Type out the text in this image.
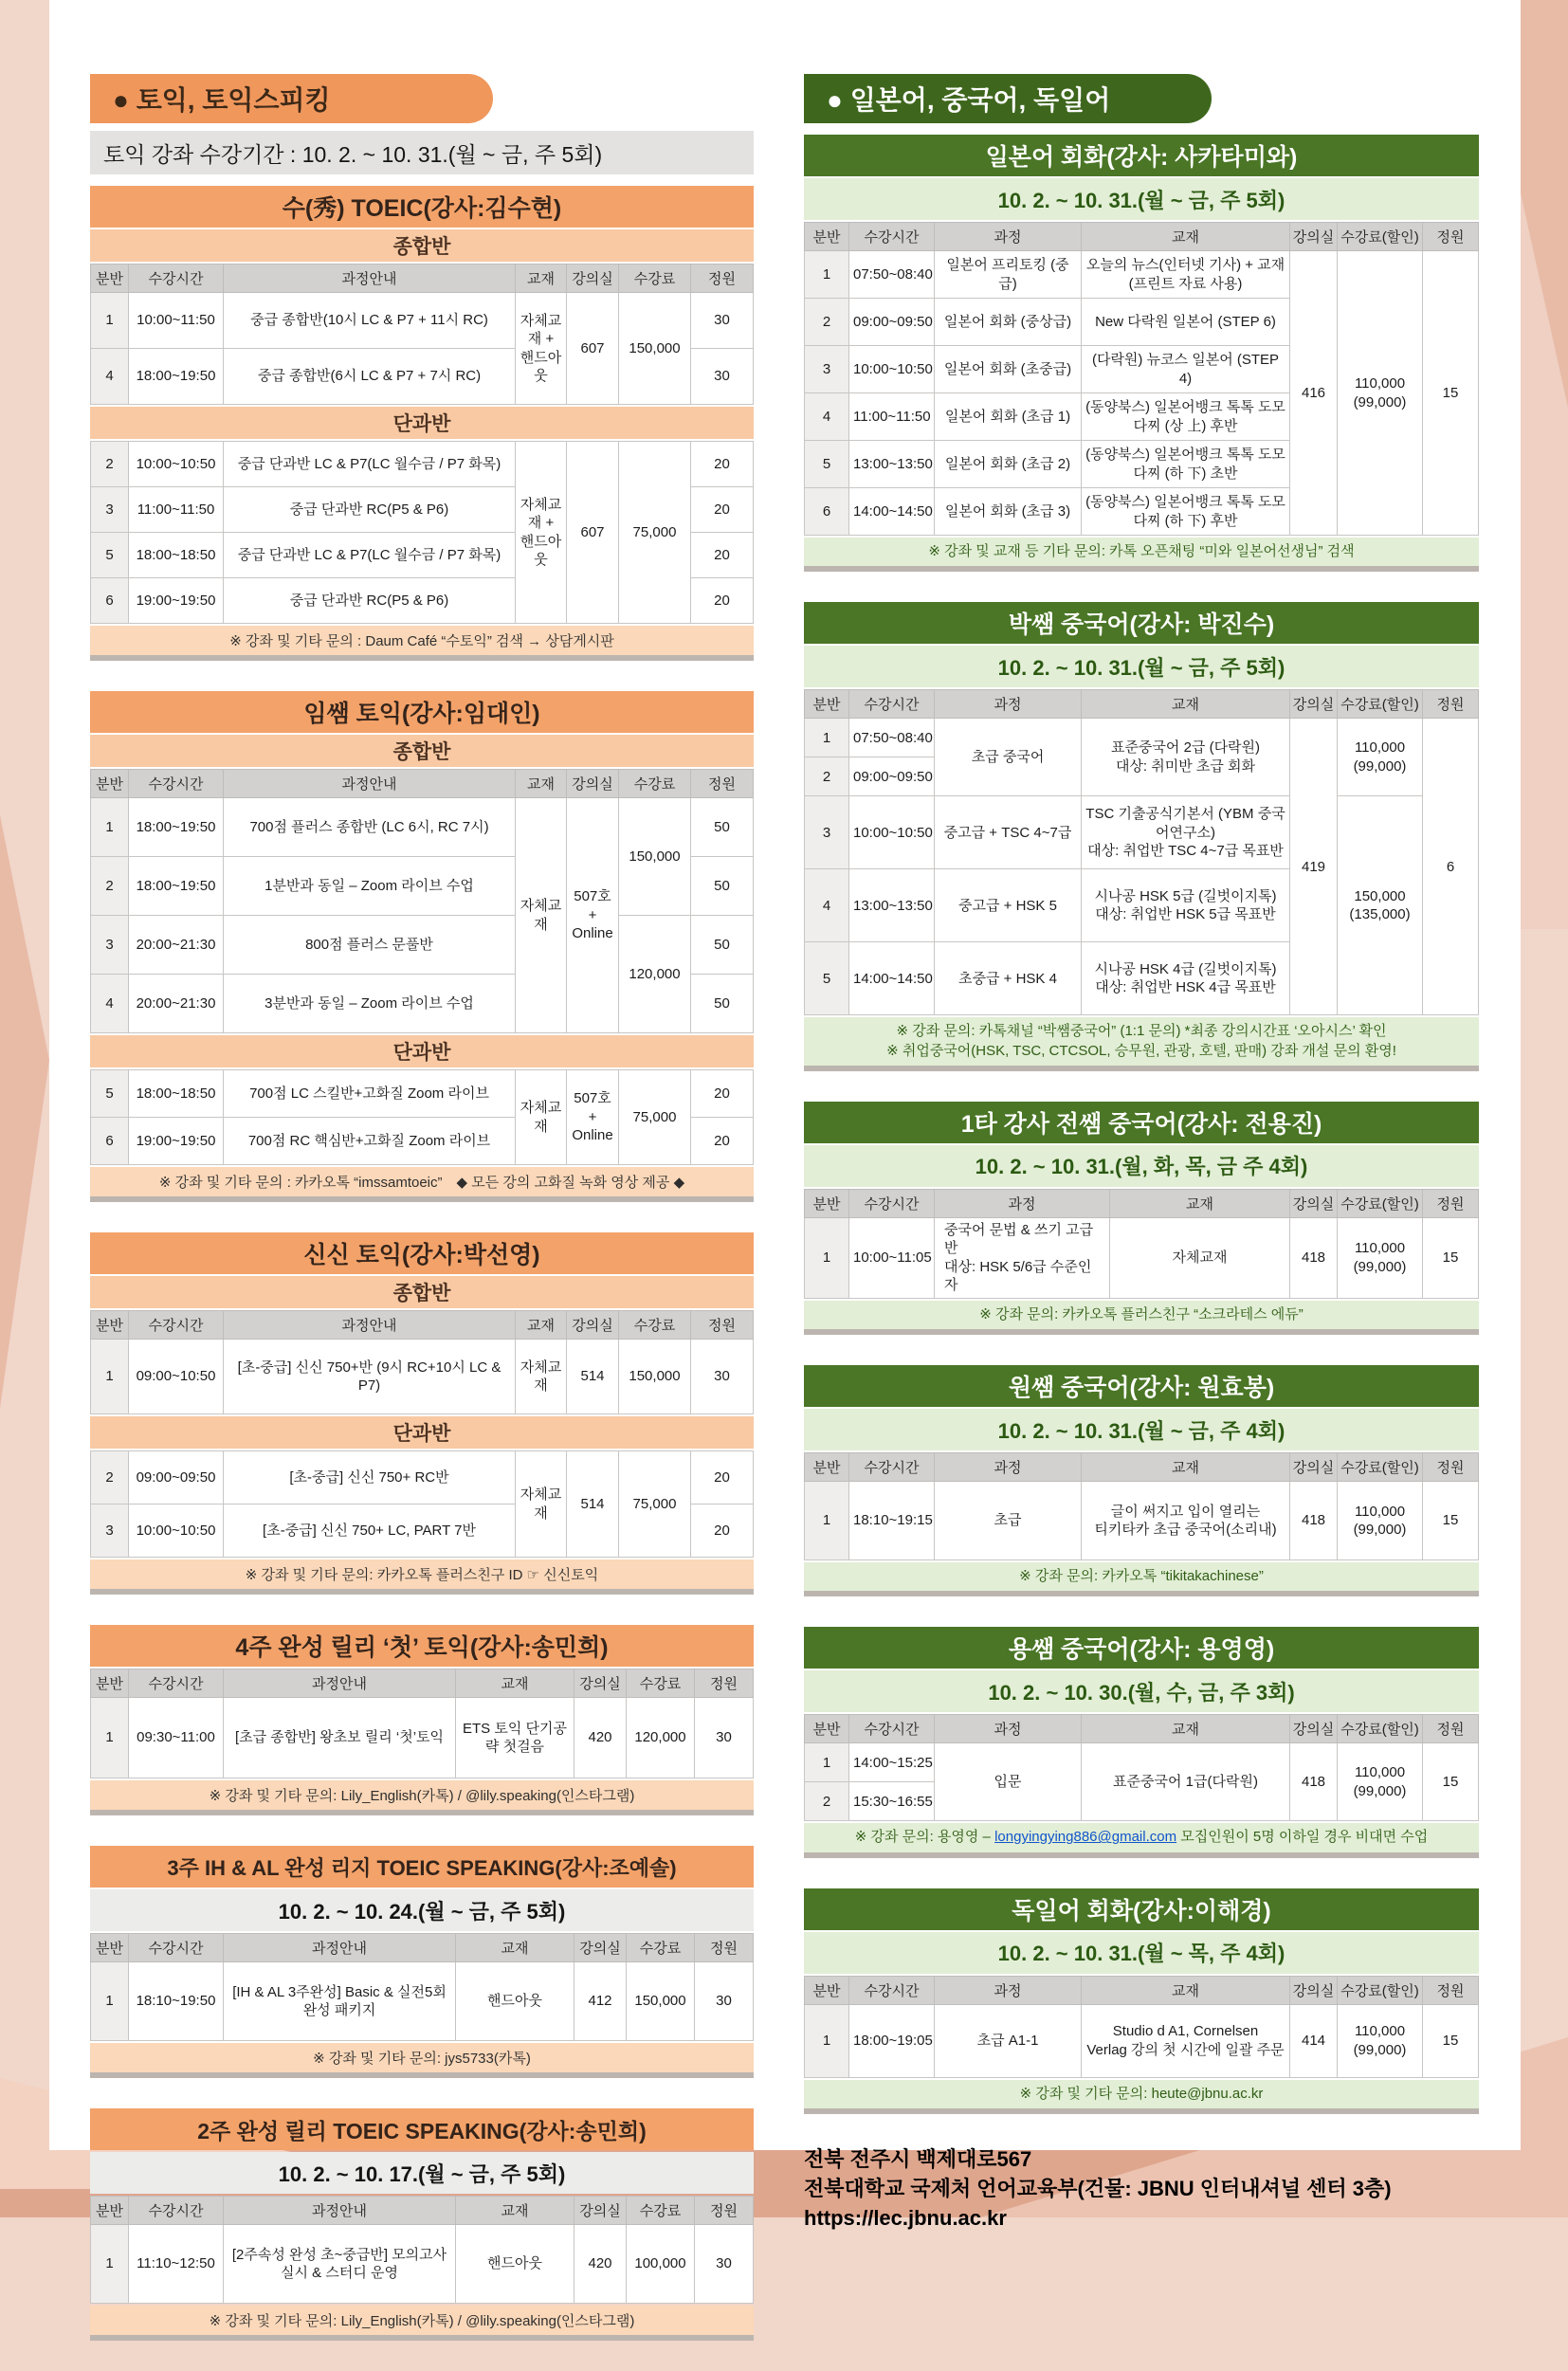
● 토익, 토익스피킹
토익 강좌 수강기간 : 10. 2. ~ 10. 31.(월 ~ 금, 주 5회)
수(秀) TOEIC(강사:김수현)
종합반
분반	수강시간	과정안내	교재	강의실	수강료	정원
1	10:00~11:50	중급 종합반(10시 LC & P7 + 11시 RC)	자체교재 + 핸드아웃	607	150,000	30
4	18:00~19:50	중급 종합반(6시 LC & P7 + 7시 RC)				30
단과반
2	10:00~10:50	중급 단과반 LC & P7(LC 월수금 / P7 화목)	자체교재 + 핸드아웃	607	75,000	20
3	11:00~11:50	중급 단과반 RC(P5 & P6)				20
5	18:00~18:50	중급 단과반 LC & P7(LC 월수금 / P7 화목)				20
6	19:00~19:50	중급 단과반 RC(P5 & P6)				20
※ 강좌 및 기타 문의 : Daum Café “수토익” 검색 → 상담게시판
임쌤 토익(강사:임대인)
종합반
분반	수강시간	과정안내	교재	강의실	수강료	정원
1	18:00~19:50	700점 플러스 종합반 (LC 6시, RC 7시)	자체교재	507호 + Online	150,000	50
2	18:00~19:50	1분반과 동일 – Zoom 라이브 수업				50
3	20:00~21:30	800점 플러스 문풀반			120,000	50
4	20:00~21:30	3분반과 동일 – Zoom 라이브 수업				50
단과반
5	18:00~18:50	700점 LC 스킬반+고화질 Zoom 라이브	자체교재	507호 + Online	75,000	20
6	19:00~19:50	700점 RC 핵심반+고화질 Zoom 라이브				20
※ 강좌 및 기타 문의 : 카카오톡 “imssamtoeic”　◆ 모든 강의 고화질 녹화 영상 제공 ◆
신신 토익(강사:박선영)
종합반
분반	수강시간	과정안내	교재	강의실	수강료	정원
1	09:00~10:50	[초-중급] 신신 750+반 (9시 RC+10시 LC & P7)	자체교재	514	150,000	30
단과반
2	09:00~09:50	[초-중급] 신신 750+ RC반	자체교재	514	75,000	20
3	10:00~10:50	[초-중급] 신신 750+ LC, PART 7반				20
※ 강좌 및 기타 문의: 카카오톡 플러스친구 ID ☞ 신신토익
4주 완성 릴리 ‘첫’ 토익(강사:송민희)
분반	수강시간	과정안내	교재	강의실	수강료	정원
1	09:30~11:00	[초급 종합반] 왕초보 릴리 ‘첫’토익	ETS 토익 단기공략 첫걸음	420	120,000	30
※ 강좌 및 기타 문의: Lily_English(카톡) / @lily.speaking(인스타그램)
3주 IH & AL 완성 리지 TOEIC SPEAKING(강사:조예솔)
10. 2. ~ 10. 24.(월 ~ 금, 주 5회)
분반	수강시간	과정안내	교재	강의실	수강료	정원
1	18:10~19:50	[IH & AL 3주완성] Basic & 실전5회 완성 패키지	핸드아웃	412	150,000	30
※ 강좌 및 기타 문의: jys5733(카톡)
2주 완성 릴리 TOEIC SPEAKING(강사:송민희)
10. 2. ~ 10. 17.(월 ~ 금, 주 5회)
분반	수강시간	과정안내	교재	강의실	수강료	정원
1	11:10~12:50	[2주속성 완성 초~중급반] 모의고사 실시 & 스터디 운영	핸드아웃	420	100,000	30
※ 강좌 및 기타 문의: Lily_English(카톡) / @lily.speaking(인스타그램)
● 일본어, 중국어, 독일어
일본어 회화(강사: 사카타미와)
10. 2. ~ 10. 31.(월 ~ 금, 주 5회)
분반	수강시간	과정	교재	강의실	수강료(할인)	정원
1	07:50~08:40	일본어 프리토킹 (중급)	오늘의 뉴스(인터넷 기사) + 교재 (프린트 자료 사용)	416	110,000 (99,000)	15
2	09:00~09:50	일본어 회화 (중상급)	New 다락원 일본어 (STEP 6)			
3	10:00~10:50	일본어 회화 (초중급)	(다락원) 뉴코스 일본어 (STEP 4)			
4	11:00~11:50	일본어 회화 (초급 1)	(동양북스) 일본어뱅크 톡톡 도모다찌 (상 上) 후반			
5	13:00~13:50	일본어 회화 (초급 2)	(동양북스) 일본어뱅크 톡톡 도모다찌 (하 下) 초반			
6	14:00~14:50	일본어 회화 (초급 3)	(동양북스) 일본어뱅크 톡톡 도모다찌 (하 下) 후반			
※ 강좌 및 교재 등 기타 문의: 카톡 오픈채팅 “미와 일본어선생님” 검색
박쌤 중국어(강사: 박진수)
10. 2. ~ 10. 31.(월 ~ 금, 주 5회)
분반	수강시간	과정	교재	강의실	수강료(할인)	정원
1	07:50~08:40	초급 중국어	표준중국어 2급 (다락원)
대상: 취미반 초급 회화	419	110,000 (99,000)	6
2	09:00~09:50					
3	10:00~10:50	중고급 + TSC 4~7급	TSC 기출공식기본서 (YBM 중국어연구소)
대상: 취업반 TSC 4~7급 목표반		150,000 (135,000)	
4	13:00~13:50	중고급 + HSK 5	시나공 HSK 5급 (길벗이지톡)
대상: 취업반 HSK 5급 목표반			

5	14:00~14:50	초중급 + HSK 4	시나공 HSK 4급 (길벗이지톡)
대상: 취업반 HSK 4급 목표반			
※ 강좌 문의: 카톡채널 “박쌤중국어” (1:1 문의) *최종 강의시간표 ‘오아시스’ 확인
※ 취업중국어(HSK, TSC, CTCSOL, 승무원, 관광, 호텔, 판매) 강좌 개설 문의 환영!
1타 강사 전쌤 중국어(강사: 전용진)
10. 2. ~ 10. 31.(월, 화, 목, 금 주 4회)
분반	수강시간	과정	교재	강의실	수강료(할인)	정원
1	10:00~11:05	중국어 문법 & 쓰기 고급반
대상: HSK 5/6급 수준인 자	자체교재	418	110,000 (99,000)	15
※ 강좌 문의: 카카오톡 플러스친구 “소크라테스 에듀”
원쌤 중국어(강사: 원효봉)
10. 2. ~ 10. 31.(월 ~ 금, 주 4회)
분반	수강시간	과정	교재	강의실	수강료(할인)	정원
1	18:10~19:15	초급	글이 써지고 입이 열리는
티키타카 초급 중국어(소리내)	418	110,000 (99,000)	15
※ 강좌 문의: 카카오톡 “tikitakachinese”
용쌤 중국어(강사: 용영영)
10. 2. ~ 10. 30.(월, 수, 금, 주 3회)
분반	수강시간	과정	교재	강의실	수강료(할인)	정원
1	14:00~15:25	입문	표준중국어 1급(다락원)	418	110,000 (99,000)	15
2	15:30~16:55					
※ 강좌 문의: 용영영 – longyingying886@gmail.com 모집인원이 5명 이하일 경우 비대면 수업
독일어 회화(강사:이해경)
10. 2. ~ 10. 31.(월 ~ 목, 주 4회)
분반	수강시간	과정	교재	강의실	수강료(할인)	정원
1	18:00~19:05	초급 A1-1	Studio d A1, Cornelsen
Verlag 강의 첫 시간에 일괄 주문	414	110,000 (99,000)	15
※ 강좌 및 기타 문의: heute@jbnu.ac.kr
전북 전주시 백제대로567
전북대학교 국제처 언어교육부(건물: JBNU 인터내셔널 센터 3층)
https://lec.jbnu.ac.kr
